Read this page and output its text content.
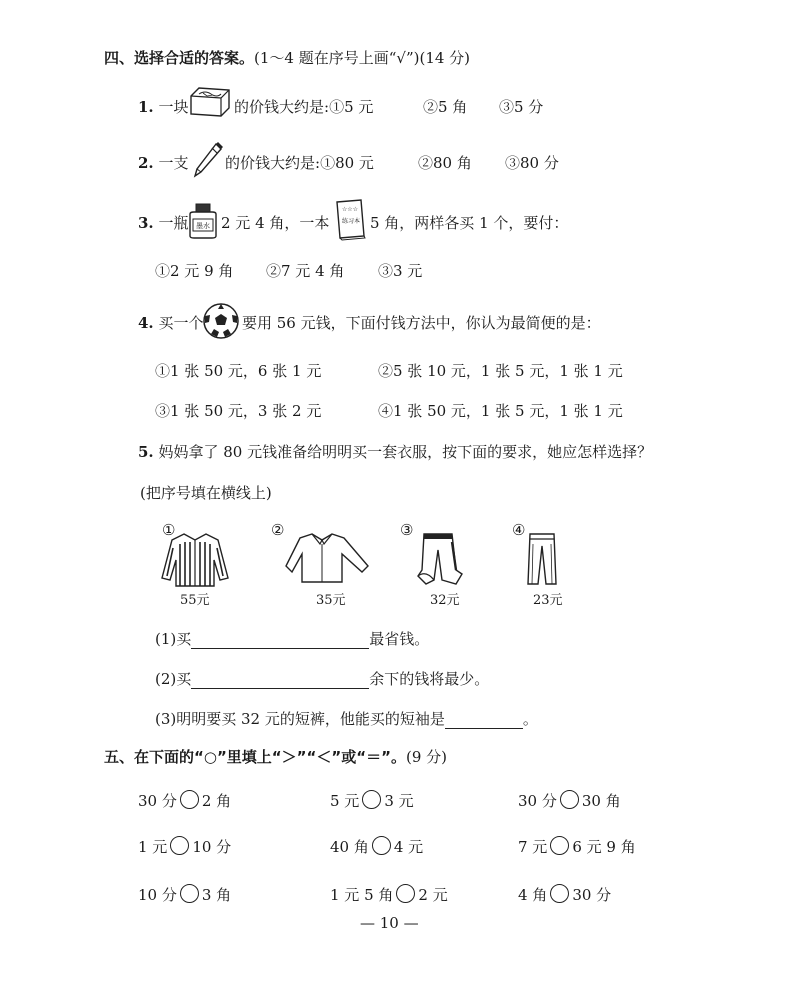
四、选择合适的答案。(1～4 题在序号上画“√”)(14 分)
1. 一块	的价钱大约是:①5 元	②5 角 ③5 分
2. 一支 的价钱大约是:①80 元	②80 角 ③80 分
3. 一瓶 墨水 2 元 4 角，一本
☆☆☆
练习本 5 角，两样各买 1 个，要付：
①2 元 9 角 ②7 元 4 角 ③3 元
4. 买一个	要用 56 元钱，下面付钱方法中，你认为最简便的是：
①1 张 50 元，6 张 1 元	②5 张 10 元，1 张 5 元，1 张 1 元
③1 张 50 元，3 张 2 元	④1 张 50 元，1 张 5 元，1 张 1 元
5. 妈妈拿了 80 元钱准备给明明买一套衣服，按下面的要求，她应怎样选择？
(把序号填在横线上)
①
55元
②
35元
③
32元
④
23元
(1)买	最省钱。
(2)买	余下的钱将最少。
(3)明明要买 32 元的短裤，他能买的短袖是	。
五、在下面的“○”里填上“＞”“＜”或“＝”。(9 分)
30 分 2 角	5 元 3 元	30 分 30 角
1 元 10 分	40 角 4 元	7 元 6 元 9 角
10 分 3 角	1 元 5 角 2 元	4 角 30 分
— 10 —
